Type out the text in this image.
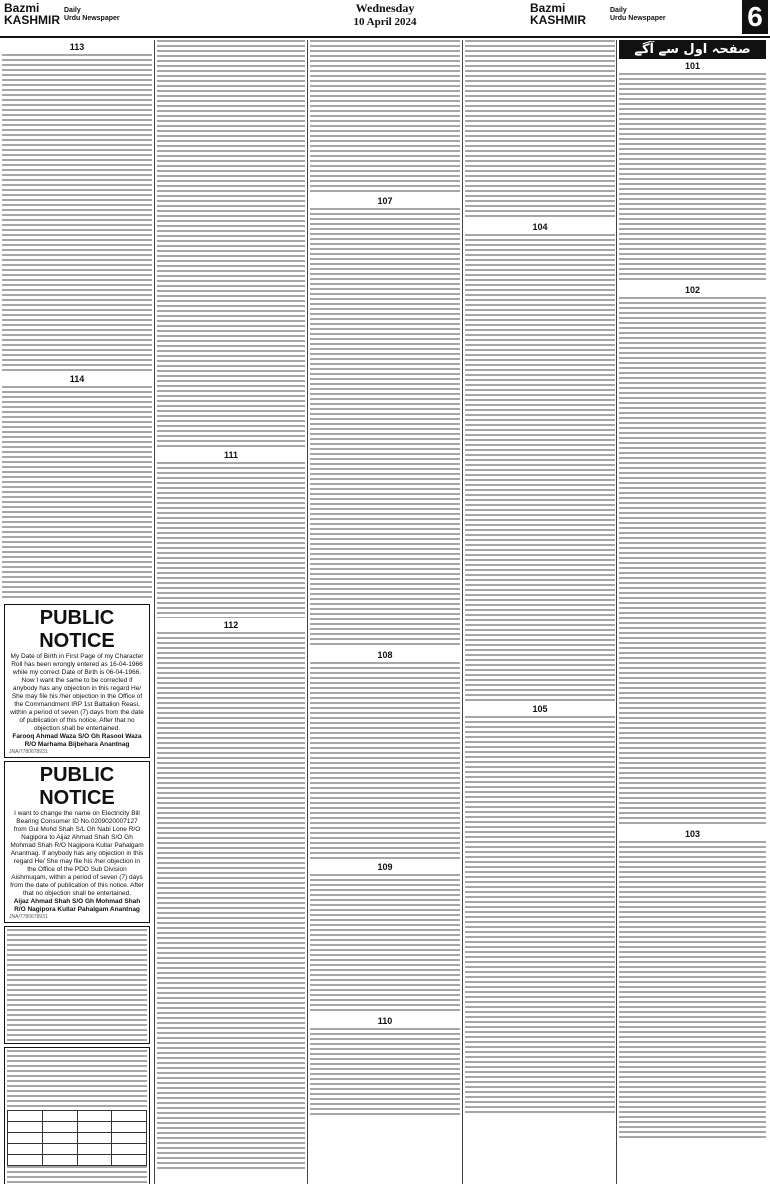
Bazmi
KASHMIR
Daily
Urdu Newspaper
Wednesday
10 April 2024
Bazmi
KASHMIR
Daily
Urdu Newspaper	6
113
114
PUBLIC NOTICE
My Date of Birth in First Page of my Character Roll has been wrongly entered as 16-04-1966 while my correct Date of Birth is 06-04-1966. Now I want the same to be corrected if anybody has any objection in this regard He/ She may file his /her objection in the Office of the Commandment IRP 1st Battalion Reasi, within a period of seven (7) days from the date of publication of this notice. After that no objection shall be entertained.
Farooq Ahmad Waza S/O Gh Rasool Waza R/O Marhama Bijbehara Anantnag
JNA/7780678931
PUBLIC NOTICE
I want to change the name on Electricity Bill Bearing Consumer ID No.0209020007127 from Gul Mohd Shah S/L Gh Nabi Lone R/O Nagipora to Aijaz Ahmad Shah S/O Gh Mohmad Shah R/O Nagipora Kullar Pahalgam Anantnag. If anybody has any objection in this regard He/ She may file his /her objection in the Office of the PDO Sub Division Aishmuqam, within a period of seven (7) days from the date of publication of this notice. After that no objection shall be entertained.
Aijaz Ahmad Shah S/O Gh Mohmad Shah R/O Nagipora Kullar Pahalgam Anantnag
JNA/7780678931

111
112
107
108
109
110
104
105
صفحہ اول سے آگے
101
102
103
